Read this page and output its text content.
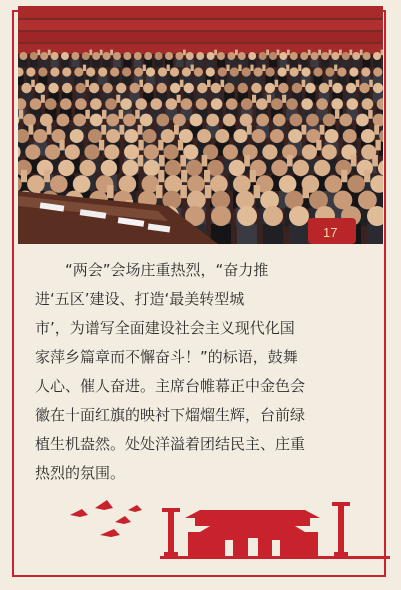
17
　　“两会”会场庄重热烈，“奋力推
进‘五区’建设、打造‘最美转型城
市’，为谱写全面建设社会主义现代化国
家萍乡篇章而不懈奋斗！”的标语，鼓舞
人心、催人奋进。主席台帷幕正中金色会
徽在十面红旗的映衬下熘熘生辉，台前绿
植生机盎然。处处洋溢着团结民主、庄重
热烈的氛围。
